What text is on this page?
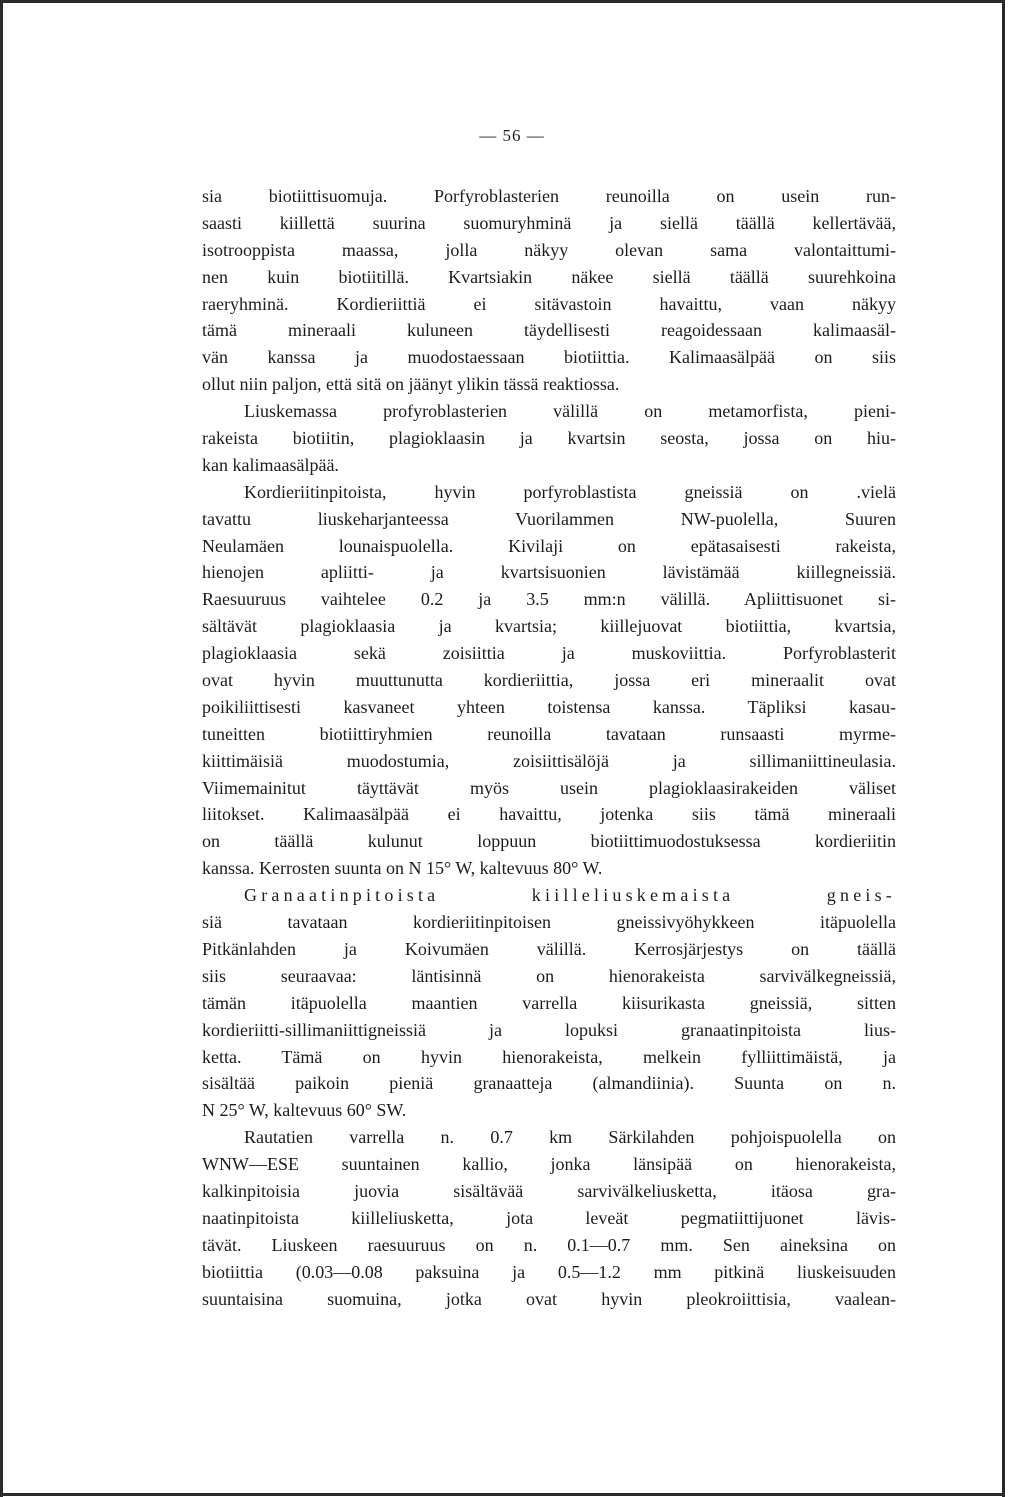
— 56 —
sia biotiittisuomuja. Porfyroblasterien reunoilla on usein run-
saasti kiillettä suurina suomuryhminä ja siellä täällä kellertävää,
isotrooppista maassa, jolla näkyy olevan sama valontaittumi-
nen kuin biotiitillä. Kvartsiakin näkee siellä täällä suurehkoina
raeryhminä. Kordieriittiä ei sitävastoin havaittu, vaan näkyy
tämä mineraali kuluneen täydellisesti reagoidessaan kalimaasäl-
vän kanssa ja muodostaessaan biotiittia. Kalimaasälpää on siis
ollut niin paljon, että sitä on jäänyt ylikin tässä reaktiossa.
Liuskemassa profyroblasterien välillä on metamorfista, pieni-
rakeista biotiitin, plagioklaasin ja kvartsin seosta, jossa on hiu-
kan kalimaasälpää.
Kordieriitinpitoista, hyvin porfyroblastista gneissiä on .vielä
tavattu liuskeharjanteessa Vuorilammen NW-puolella, Suuren
Neulamäen lounaispuolella. Kivilaji on epätasaisesti rakeista,
hienojen apliitti- ja kvartsisuonien lävistämää kiillegneissiä.
Raesuuruus vaihtelee 0.2 ja 3.5 mm:n välillä. Apliittisuonet si-
sältävät plagioklaasia ja kvartsia; kiillejuovat biotiittia, kvartsia,
plagioklaasia sekä zoisiittia ja muskoviittia. Porfyroblasterit
ovat hyvin muuttunutta kordieriittia, jossa eri mineraalit ovat
poikiliittisesti kasvaneet yhteen toistensa kanssa. Täpliksi kasau-
tuneitten biotiittiryhmien reunoilla tavataan runsaasti myrme-
kiittimäisiä muodostumia, zoisiittisälöjä ja sillimaniittineulasia.
Viimemainitut täyttävät myös usein plagioklaasirakeiden väliset
liitokset. Kalimaasälpää ei havaittu, jotenka siis tämä mineraali
on täällä kulunut loppuun biotiittimuodostuksessa kordieriitin
kanssa. Kerrosten suunta on N 15° W, kaltevuus 80° W.
Granaatinpitoista kiilleliuskemaista gneis-
siä tavataan kordieriitinpitoisen gneissivyöhykkeen itäpuolella
Pitkänlahden ja Koivumäen välillä. Kerrosjärjestys on täällä
siis seuraavaa: läntisinnä on hienorakeista sarvivälkegneissiä,
tämän itäpuolella maantien varrella kiisurikasta gneissiä, sitten
kordieriitti-sillimaniittigneissiä ja lopuksi granaatinpitoista lius-
ketta. Tämä on hyvin hienorakeista, melkein fylliittimäistä, ja
sisältää paikoin pieniä granaatteja (almandiinia). Suunta on n.
N 25° W, kaltevuus 60° SW.
Rautatien varrella n. 0.7 km Särkilahden pohjoispuolella on
WNW—ESE suuntainen kallio, jonka länsipää on hienorakeista,
kalkinpitoisia juovia sisältävää sarvivälkeliusketta, itäosa gra-
naatinpitoista kiilleliusketta, jota leveät pegmatiittijuonet lävis-
tävät. Liuskeen raesuuruus on n. 0.1—0.7 mm. Sen aineksina on
biotiittia (0.03—0.08 paksuina ja 0.5—1.2 mm pitkinä liuskeisuuden
suuntaisina suomuina, jotka ovat hyvin pleokroiittisia, vaalean-
